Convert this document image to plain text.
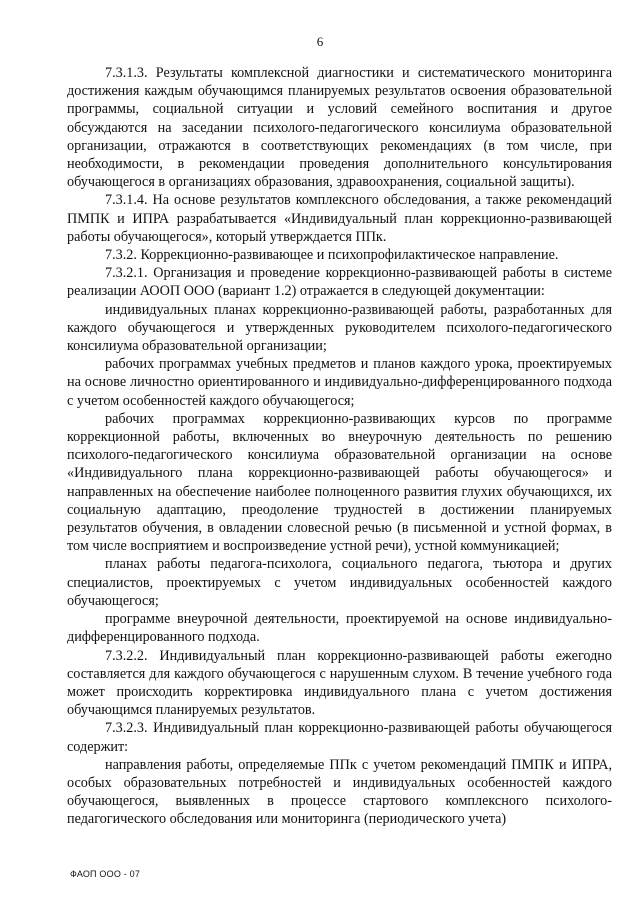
6

7.3.1.3. Результаты комплексной диагностики и систематического мониторинга достижения каждым обучающимся планируемых результатов освоения образовательной программы, социальной ситуации и условий семейного воспитания и другое обсуждаются на заседании психолого-педагогического консилиума образовательной организации, отражаются в соответствующих рекомендациях (в том числе, при необходимости, в рекомендации проведения дополнительного консультирования обучающегося в организациях образования, здравоохранения, социальной защиты).

7.3.1.4. На основе результатов комплексного обследования, а также рекомендаций ПМПК и ИПРА разрабатывается «Индивидуальный план коррекционно-развивающей работы обучающегося», который утверждается ППк.

7.3.2. Коррекционно-развивающее и психопрофилактическое направление.

7.3.2.1. Организация и проведение коррекционно-развивающей работы в системе реализации АООП ООО (вариант 1.2) отражается в следующей документации:

индивидуальных планах коррекционно-развивающей работы, разработанных для каждого обучающегося и утвержденных руководителем психолого-педагогического консилиума образовательной организации;

рабочих программах учебных предметов и планов каждого урока, проектируемых на основе личностно ориентированного и индивидуально-дифференцированного подхода с учетом особенностей каждого обучающегося;

рабочих программах коррекционно-развивающих курсов по программе коррекционной работы, включенных во внеурочную деятельность по решению психолого-педагогического консилиума образовательной организации на основе «Индивидуального плана коррекционно-развивающей работы обучающегося» и направленных на обеспечение наиболее полноценного развития глухих обучающихся, их социальную адаптацию, преодоление трудностей в достижении планируемых результатов обучения, в овладении словесной речью (в письменной и устной формах, в том числе восприятием и воспроизведение устной речи), устной коммуникацией;

планах работы педагога-психолога, социального педагога, тьютора и других специалистов, проектируемых с учетом индивидуальных особенностей каждого обучающегося;

программе внеурочной деятельности, проектируемой на основе индивидуально-дифференцированного подхода.

7.3.2.2. Индивидуальный план коррекционно-развивающей работы ежегодно составляется для каждого обучающегося с нарушенным слухом. В течение учебного года может происходить корректировка индивидуального плана с учетом достижения обучающимся планируемых результатов.

7.3.2.3. Индивидуальный план коррекционно-развивающей работы обучающегося содержит:

направления работы, определяемые ППк с учетом рекомендаций ПМПК и ИПРА, особых образовательных потребностей и индивидуальных особенностей каждого обучающегося, выявленных в процессе стартового комплексного психолого-педагогического обследования или мониторинга (периодического учета)

ФАОП ООО - 07
